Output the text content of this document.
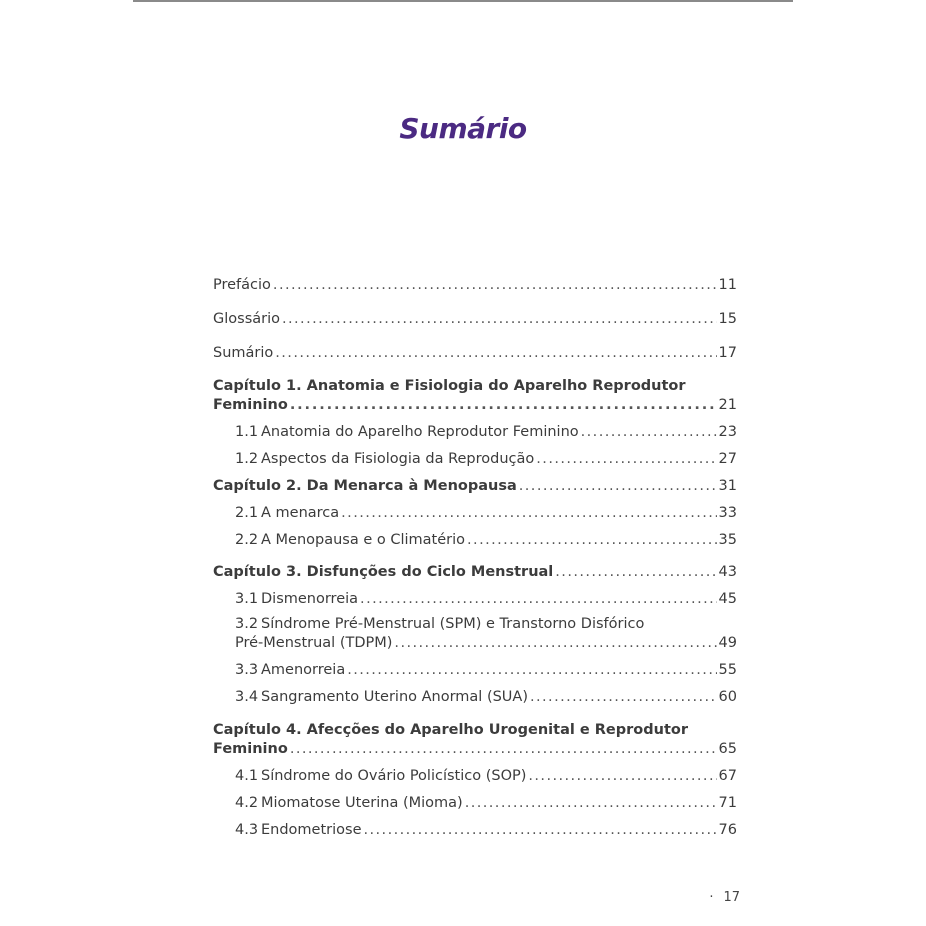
Sumário
Prefácio . . .	11
Glossário . . .	15
Sumário . . .	17
Capítulo 1. Anatomia e Fisiologia do Aparelho Reprodutor
Feminino . . .	21
1.1 Anatomia do Aparelho Reprodutor Feminino . . .	23
1.2 Aspectos da Fisiologia da Reprodução . . .	27
Capítulo 2. Da Menarca à Menopausa . . .	31
2.1 A menarca . . .	33
2.2 A Menopausa e o Climatério . . .	35
Capítulo 3. Disfunções do Ciclo Menstrual . . .	43
3.1 Dismenorreia . . .	45
3.2 Síndrome Pré-Menstrual (SPM) e Transtorno Disfórico
Pré-Menstrual (TDPM) . . .	49
3.3 Amenorreia . . .	55
3.4 Sangramento Uterino Anormal (SUA) . . .	60
Capítulo 4. Afecções do Aparelho Urogenital e Reprodutor
Feminino . . .	65
4.1 Síndrome do Ovário Policístico (SOP) . . .	67
4.2 Miomatose Uterina (Mioma) . . .	71
4.3 Endometriose . . .	76
· 17
